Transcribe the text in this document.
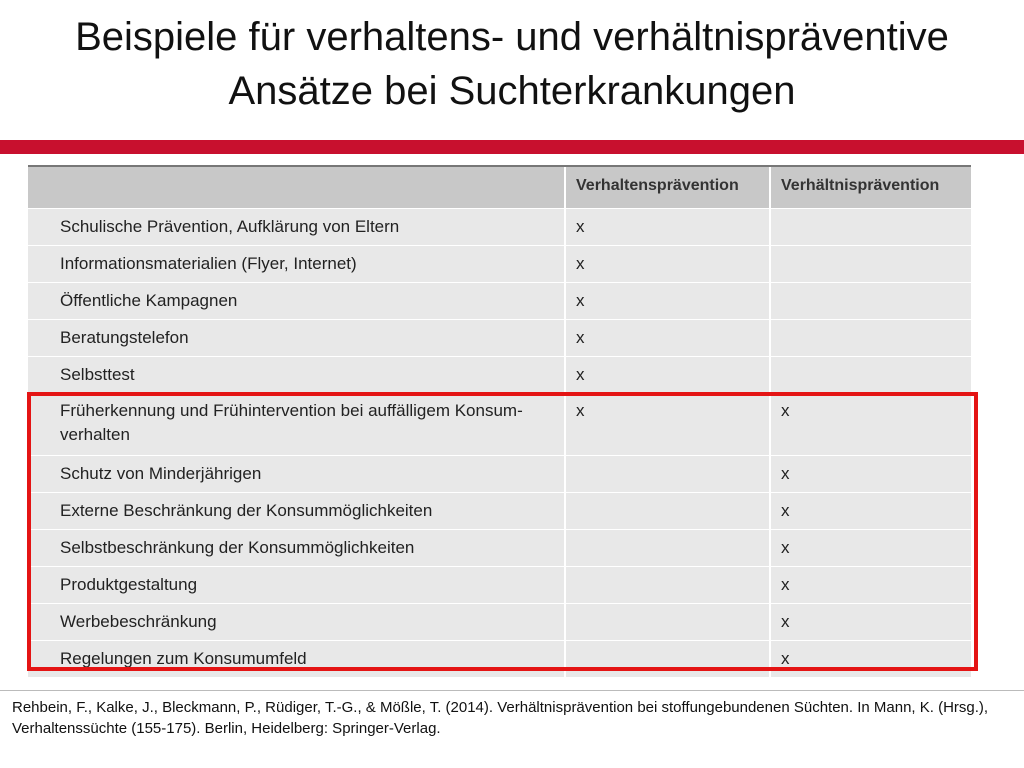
Beispiele für verhaltens- und verhältnispräventive Ansätze bei Suchterkrankungen
	Verhaltensprävention	Verhältnisprävention
Schulische Prävention, Aufklärung von Eltern	x	
Informationsmaterialien (Flyer, Internet)	x	
Öffentliche Kampagnen	x	
Beratungstelefon	x	
Selbsttest	x	
Früherkennung und Frühintervention bei auffälligem Konsum-verhalten	x	x
Schutz von Minderjährigen		x
Externe Beschränkung der Konsummöglichkeiten		x
Selbstbeschränkung der Konsummöglichkeiten		x
Produktgestaltung		x
Werbebeschränkung		x
Regelungen zum Konsumumfeld		x
Rehbein, F., Kalke, J., Bleckmann, P., Rüdiger, T.-G., & Mößle, T. (2014). Verhältnisprävention bei stoffungebundenen Süchten. In Mann, K. (Hrsg.), Verhaltenssüchte (155-175). Berlin, Heidelberg: Springer-Verlag.
